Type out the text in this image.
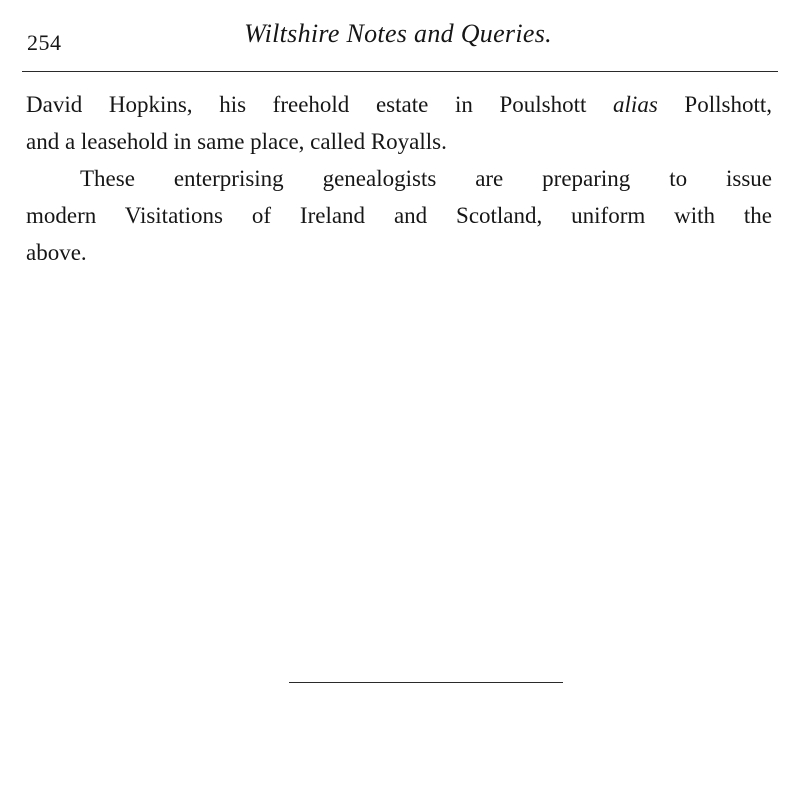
254	Wiltshire Notes and Queries.
David Hopkins, his freehold estate in Poulshott alias Pollshott,
and a leasehold in same place, called Royalls.
These enterprising genealogists are preparing to issue
modern Visitations of Ireland and Scotland, uniform with the
above.
